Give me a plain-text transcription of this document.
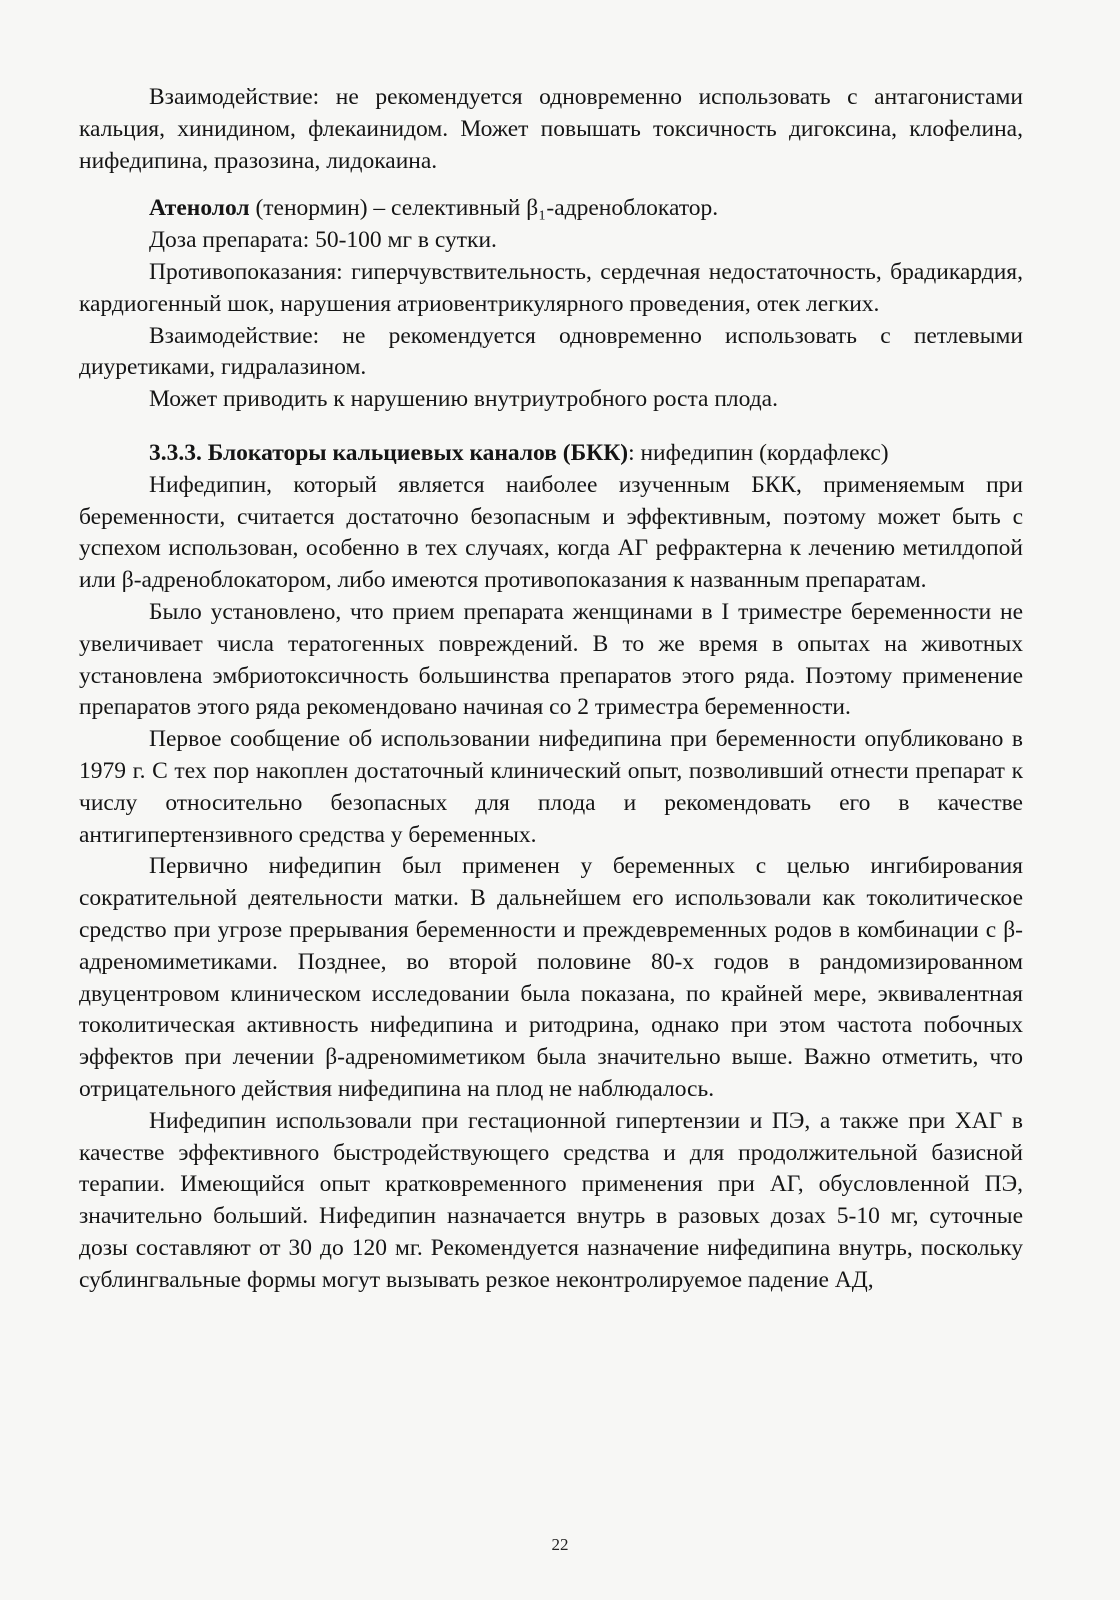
Взаимодействие: не рекомендуется одновременно использовать с антагонистами кальция, хинидином, флекаинидом. Может повышать токсичность дигоксина, клофелина, нифедипина, празозина, лидокаина.

Атенолол (тенормин) – селективный β₁-адреноблокатор.

Доза препарата: 50-100 мг в сутки.

Противопоказания: гиперчувствительность, сердечная недостаточность, брадикардия, кардиогенный шок, нарушения атриовентрикулярного проведения, отек легких.

Взаимодействие: не рекомендуется одновременно использовать с петлевыми диуретиками, гидралазином.

Может приводить к нарушению внутриутробного роста плода.

3.3.3. Блокаторы кальциевых каналов (БКК): нифедипин (кордафлекс)

Нифедипин, который является наиболее изученным БКК, применяемым при беременности, считается достаточно безопасным и эффективным, поэтому может быть с успехом использован, особенно в тех случаях, когда АГ рефрактерна к лечению метилдопой или β-адреноблокатором, либо имеются противопоказания к названным препаратам.

Было установлено, что прием препарата женщинами в I триместре беременности не увеличивает числа тератогенных повреждений. В то же время в опытах на животных установлена эмбриотоксичность большинства препаратов этого ряда. Поэтому применение препаратов этого ряда рекомендовано начиная со 2 триместра беременности.

Первое сообщение об использовании нифедипина при беременности опубликовано в 1979 г. С тех пор накоплен достаточный клинический опыт, позволивший отнести препарат к числу относительно безопасных для плода и рекомендовать его в качестве антигипертензивного средства у беременных.

Первично нифедипин был применен у беременных с целью ингибирования сократительной деятельности матки. В дальнейшем его использовали как токолитическое средство при угрозе прерывания беременности и преждевременных родов в комбинации с β-адреномиметиками. Позднее, во второй половине 80-х годов в рандомизированном двуцентровом клиническом исследовании была показана, по крайней мере, эквивалентная токолитическая активность нифедипина и ритодрина, однако при этом частота побочных эффектов при лечении β-адреномиметиком была значительно выше. Важно отметить, что отрицательного действия нифедипина на плод не наблюдалось.

Нифедипин использовали при гестационной гипертензии и ПЭ, а также при ХАГ в качестве эффективного быстродействующего средства и для продолжительной базисной терапии. Имеющийся опыт кратковременного применения при АГ, обусловленной ПЭ, значительно больший. Нифедипин назначается внутрь в разовых дозах 5-10 мг, суточные дозы составляют от 30 до 120 мг. Рекомендуется назначение нифедипина внутрь, поскольку сублингвальные формы могут вызывать резкое неконтролируемое падение АД,

22
